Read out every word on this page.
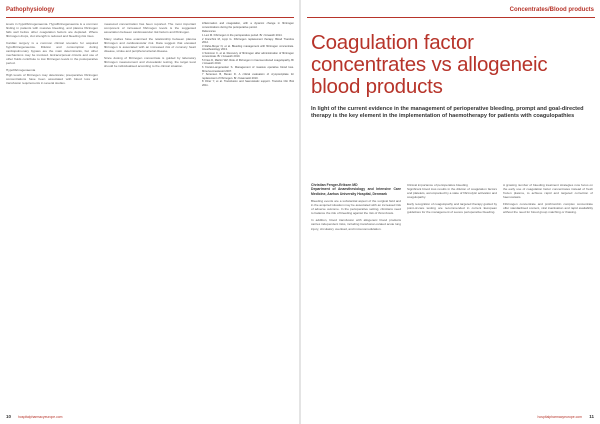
Pathophysiology

levels in hypofibrinogenaemia. Hypofibrinogenaemia is a common finding in patients with massive bleeding, and plasma fibrinogen falls well before other coagulation factors are depleted. Where fibrinogen drops, clot strength is reduced and bleeding risk rises.

Cardiac surgery is a common clinical scenario for acquired hypofibrinogenaemia. Dilution and consumption during cardiopulmonary bypass are the main determinants, but other mechanisms may be involved. Extracorporeal circuits and use of other fluids contribute to low fibrinogen levels in the postoperative period.

Hypofibrinogenaemia
High levels of fibrinogen may deteriorate; preoperative fibrinogen concentrations have been associated with blood loss and transfusion requirements in several studies.

measured concentration has been reported. The most important component of increased fibrinogen levels is the suggested association between cardiovascular risk factors and fibrinogen.

Many studies have examined the relationship between plasma fibrinogen and cardiovascular risk. Data suggest that elevated fibrinogen is associated with an increased risk of coronary heart disease, stroke and peripheral arterial disease.

Since dosing of fibrinogen concentrate is guided by laboratory fibrinogen measurement and viscoelastic testing, the target level should be individualised according to the clinical situation.

inflammation and coagulation, with a dynamic change in fibrinogen concentrations during the perioperative period.

References
1 Levi M. Fibrinogen in the perioperative period. Br J Anaesth 2014.
2 Franchini M, Lippi G. Fibrinogen replacement therapy. Blood Transfus 2012.
3 Rahe-Meyer N, et al. Bleeding management with fibrinogen concentrate. Anesthesiology 2013.
4 Solomon C, et al. Recovery of fibrinogen after administration of fibrinogen concentrate. Br J Anaesth 2010.
5 Fries D, Martini WZ. Role of fibrinogen in trauma-induced coagulopathy. Br J Anaesth 2010.
6 Kozek-Langenecker S. Management of massive operative blood loss. Minerva Anestesiol 2007.
7 Sorensen B, Bevan D. A critical evaluation of cryoprecipitate for replacement of fibrinogen. Br J Haematol 2010.
8 Ozier Y, et al. Transfusion and haemostatic support. Transfus Clin Biol 2011.

hospitalpharmacyeurope.com
10
Concentrates/Blood products
Coagulation factor concentrates vs allogeneic blood products
In light of the current evidence in the management of perioperative bleeding, prompt and goal-directed therapy is the key element in the implementation of haemotherapy for patients with coagulopathies
Christian Fenger-Eriksen MD
Department of Anaesthesiology and Intensive Care Medicine, Aarhus University Hospital, Denmark

Bleeding events are a substantial aspect of the surgical field and in the acquired situation may be associated with an increased risk of adverse outcome. In the perioperative setting, clinicians need to balance the risk of bleeding against the risk of thrombosis.

In addition, blood transfusion with allogeneic blood products carries independent risks, including transfusion-related acute lung injury, circulatory overload, and immunomodulation.

Clinical importance of perioperative bleeding
Significant blood loss results in the dilution of coagulation factors and platelets, accompanied by a state of fibrinolytic activation and coagulopathy.

Early recognition of coagulopathy and targeted therapy guided by point-of-care testing are recommended in current European guidelines for the management of severe perioperative bleeding.

A growing number of bleeding treatment strategies now focus on the early use of coagulation factor concentrates instead of fresh frozen plasma, to achieve rapid and targeted correction of haemostasis.

Fibrinogen concentrate and prothrombin complex concentrate offer standardised content, viral inactivation and rapid availability without the need for blood group matching or thawing.

hospitalpharmacyeurope.com 11
